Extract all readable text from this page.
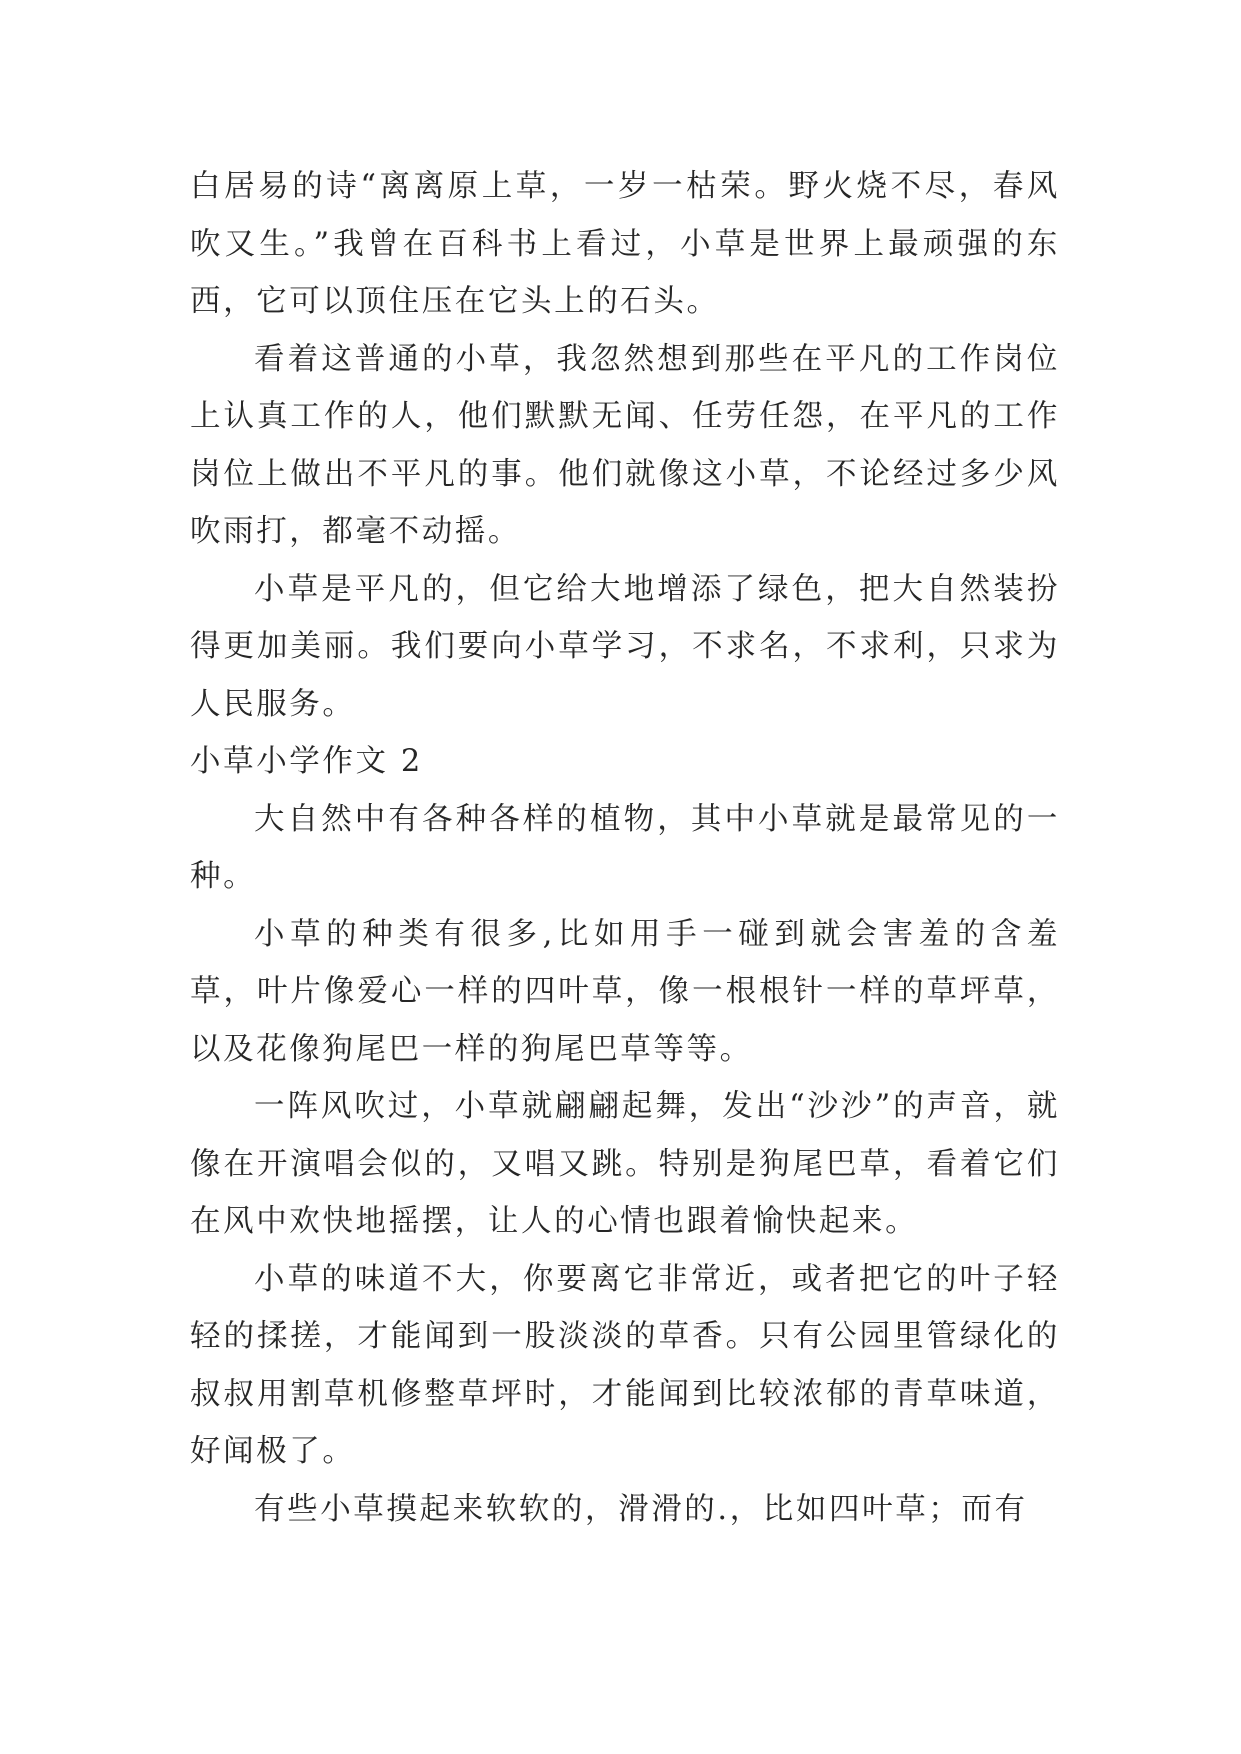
白居易的诗“离离原上草，一岁一枯荣。野火烧不尽，春风吹又生。”我曾在百科书上看过，小草是世界上最顽强的东西，它可以顶住压在它头上的石头。

看着这普通的小草，我忽然想到那些在平凡的工作岗位上认真工作的人，他们默默无闻、任劳任怨，在平凡的工作岗位上做出不平凡的事。他们就像这小草，不论经过多少风吹雨打，都毫不动摇。

小草是平凡的，但它给大地增添了绿色，把大自然装扮得更加美丽。我们要向小草学习，不求名，不求利，只求为人民服务。

小草小学作文 2

大自然中有各种各样的植物，其中小草就是最常见的一种。

小草的种类有很多,比如用手一碰到就会害羞的含羞草，叶片像爱心一样的四叶草，像一根根针一样的草坪草，以及花像狗尾巴一样的狗尾巴草等等。

一阵风吹过，小草就翩翩起舞，发出“沙沙”的声音，就像在开演唱会似的，又唱又跳。特别是狗尾巴草，看着它们在风中欢快地摇摆，让人的心情也跟着愉快起来。

小草的味道不大，你要离它非常近，或者把它的叶子轻轻的揉搓，才能闻到一股淡淡的草香。只有公园里管绿化的叔叔用割草机修整草坪时，才能闻到比较浓郁的青草味道，好闻极了。

有些小草摸起来软软的，滑滑的.，比如四叶草；而有
